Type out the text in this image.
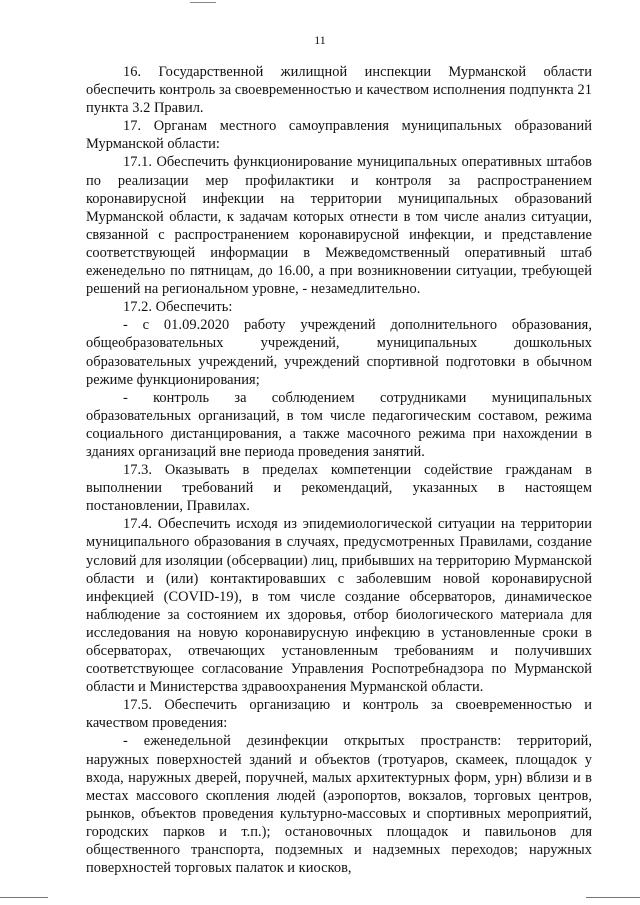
11

16. Государственной жилищной инспекции Мурманской области обеспечить контроль за своевременностью и качеством исполнения подпункта 21 пункта 3.2 Правил.

17. Органам местного самоуправления муниципальных образований Мурманской области:

17.1. Обеспечить функционирование муниципальных оперативных штабов по реализации мер профилактики и контроля за распространением коронавирусной инфекции на территории муниципальных образований Мурманской области, к задачам которых отнести в том числе анализ ситуации, связанной с распространением коронавирусной инфекции, и представление соответствующей информации в Межведомственный оперативный штаб еженедельно по пятницам, до 16.00, а при возникновении ситуации, требующей решений на региональном уровне, - незамедлительно.

17.2. Обеспечить:

- с 01.09.2020 работу учреждений дополнительного образования, общеобразовательных учреждений, муниципальных дошкольных образовательных учреждений, учреждений спортивной подготовки в обычном режиме функционирования;

- контроль за соблюдением сотрудниками муниципальных образовательных организаций, в том числе педагогическим составом, режима социального дистанцирования, а также масочного режима при нахождении в зданиях организаций вне периода проведения занятий.

17.3. Оказывать в пределах компетенции содействие гражданам в выполнении требований и рекомендаций, указанных в настоящем постановлении, Правилах.

17.4. Обеспечить исходя из эпидемиологической ситуации на территории муниципального образования в случаях, предусмотренных Правилами, создание условий для изоляции (обсервации) лиц, прибывших на территорию Мурманской области и (или) контактировавших с заболевшим новой коронавирусной инфекцией (COVID-19), в том числе создание обсерваторов, динамическое наблюдение за состоянием их здоровья, отбор биологического материала для исследования на новую коронавирусную инфекцию в установленные сроки в обсерваторах, отвечающих установленным требованиям и получивших соответствующее согласование Управления Роспотребнадзора по Мурманской области и Министерства здравоохранения Мурманской области.

17.5. Обеспечить организацию и контроль за своевременностью и качеством проведения:

- еженедельной дезинфекции открытых пространств: территорий, наружных поверхностей зданий и объектов (тротуаров, скамеек, площадок у входа, наружных дверей, поручней, малых архитектурных форм, урн) вблизи и в местах массового скопления людей (аэропортов, вокзалов, торговых центров, рынков, объектов проведения культурно-массовых и спортивных мероприятий, городских парков и т.п.); остановочных площадок и павильонов для общественного транспорта, подземных и надземных переходов; наружных поверхностей торговых палаток и киосков,
